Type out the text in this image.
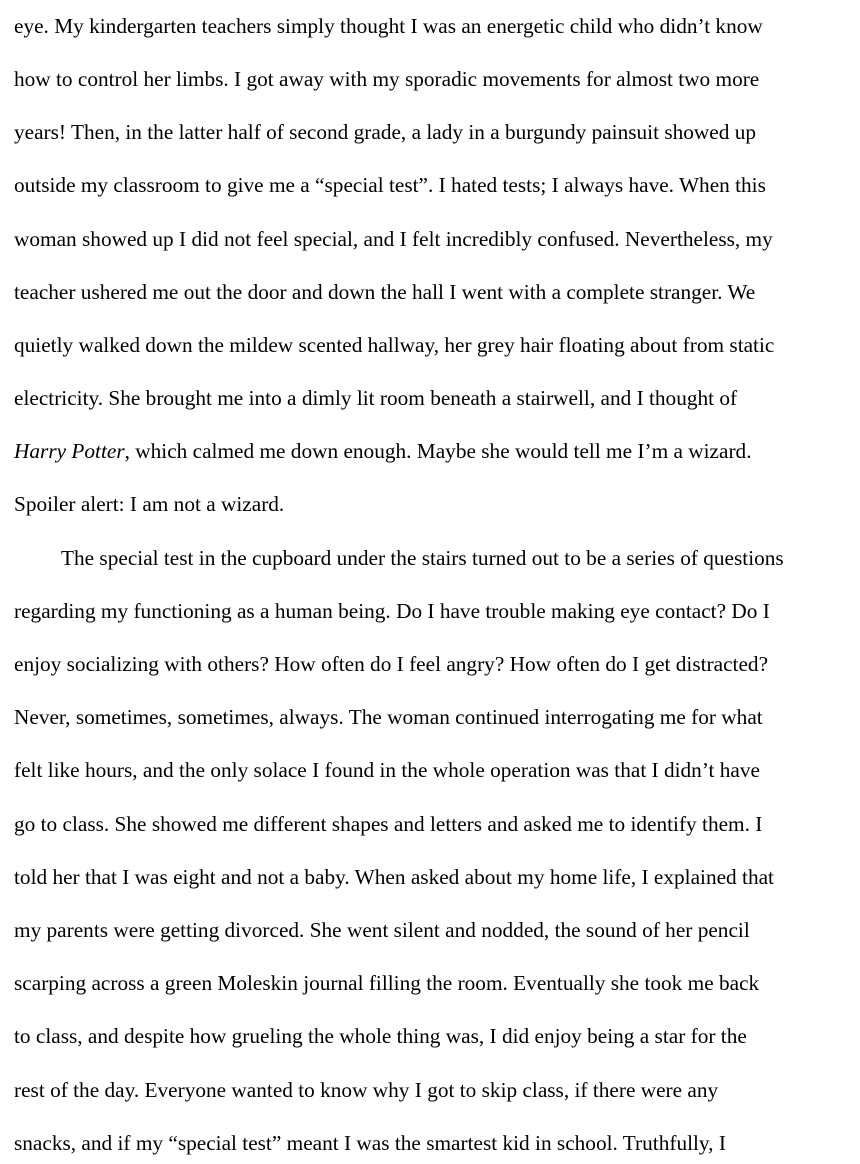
eye. My kindergarten teachers simply thought I was an energetic child who didn’t know
how to control her limbs. I got away with my sporadic movements for almost two more
years! Then, in the latter half of second grade, a lady in a burgundy painsuit showed up
outside my classroom to give me a “special test”. I hated tests; I always have. When this
woman showed up I did not feel special, and I felt incredibly confused. Nevertheless, my
teacher ushered me out the door and down the hall I went with a complete stranger. We
quietly walked down the mildew scented hallway, her grey hair floating about from static
electricity. She brought me into a dimly lit room beneath a stairwell, and I thought of
Harry Potter, which calmed me down enough. Maybe she would tell me I’m a wizard.
Spoiler alert: I am not a wizard.
The special test in the cupboard under the stairs turned out to be a series of questions
regarding my functioning as a human being. Do I have trouble making eye contact? Do I
enjoy socializing with others? How often do I feel angry? How often do I get distracted?
Never, sometimes, sometimes, always. The woman continued interrogating me for what
felt like hours, and the only solace I found in the whole operation was that I didn’t have
go to class. She showed me different shapes and letters and asked me to identify them. I
told her that I was eight and not a baby. When asked about my home life, I explained that
my parents were getting divorced. She went silent and nodded, the sound of her pencil
scarping across a green Moleskin journal filling the room. Eventually she took me back
to class, and despite how grueling the whole thing was, I did enjoy being a star for the
rest of the day. Everyone wanted to know why I got to skip class, if there were any
snacks, and if my “special test” meant I was the smartest kid in school. Truthfully, I
